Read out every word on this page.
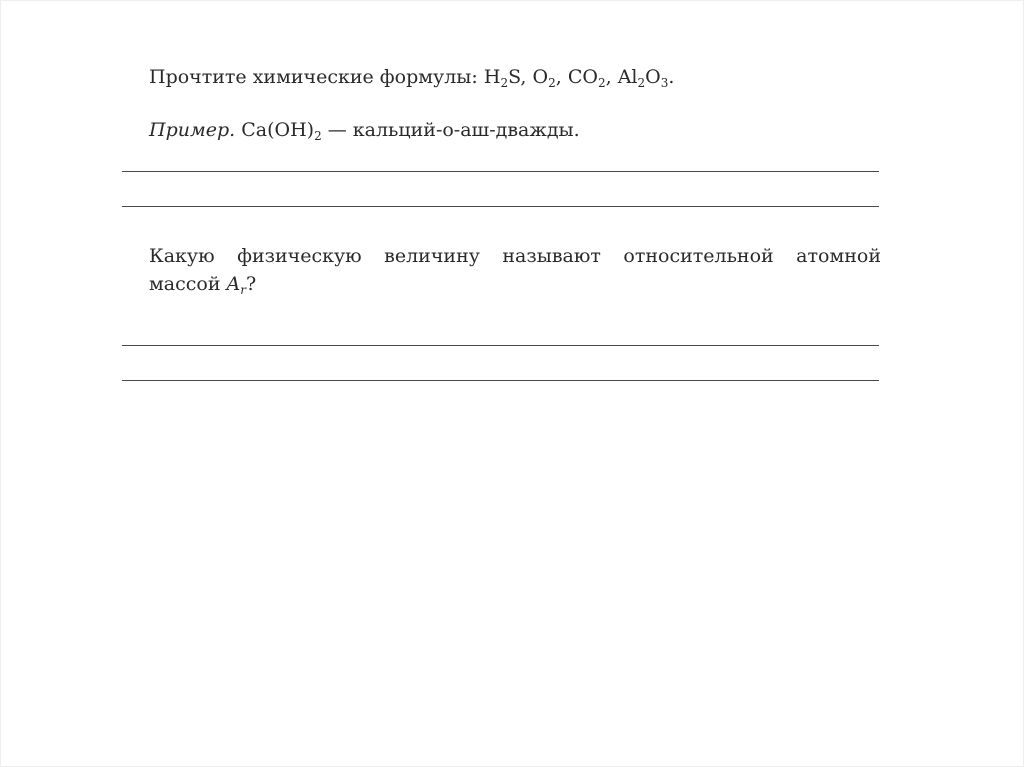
Прочтите химические формулы: $H_2S$, $O_2$, $CO_2$, $Al_2O_3$.
Пример. $Ca(OH)_2$ — кальций-о-аш-дважды.
Какую физическую величину называют относительной атомной
массой $A_r$?
